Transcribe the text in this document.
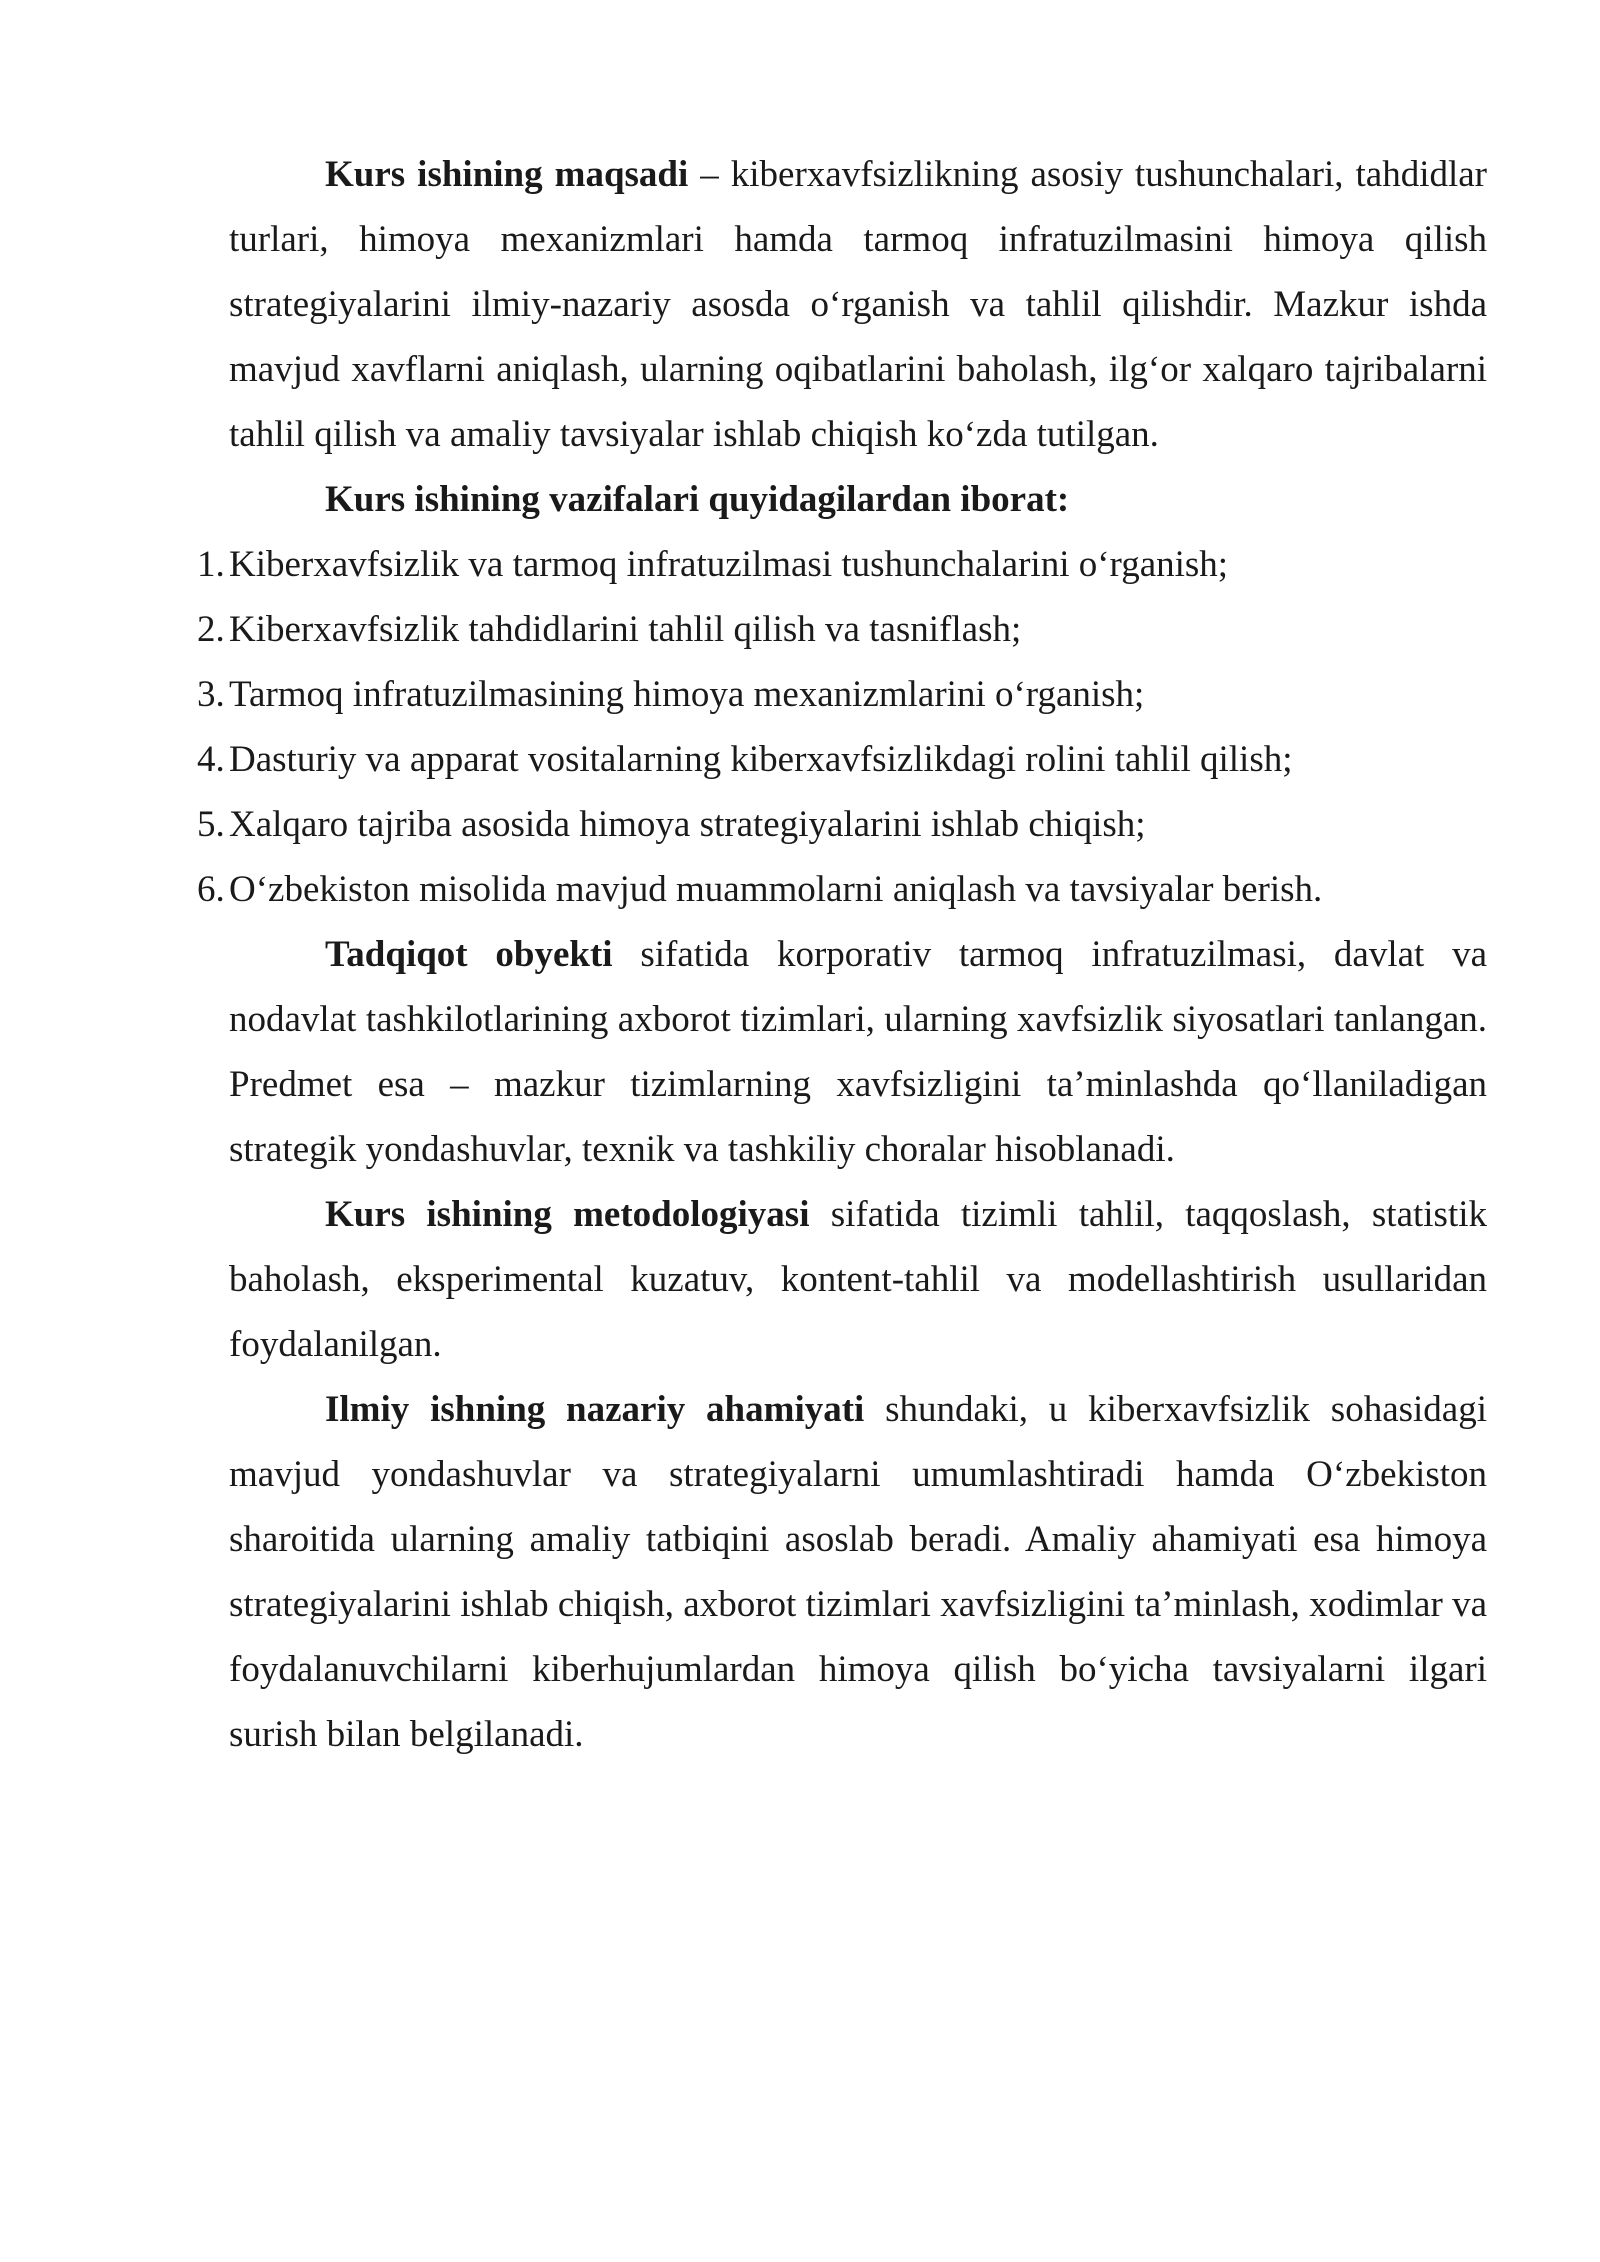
Kurs ishining maqsadi – kiberxavfsizlikning asosiy tushunchalari, tahdidlar turlari, himoya mexanizmlari hamda tarmoq infratuzilmasini himoya qilish strategiyalarini ilmiy-nazariy asosda o‘rganish va tahlil qilishdir. Mazkur ishda mavjud xavflarni aniqlash, ularning oqibatlarini baholash, ilg‘or xalqaro tajribalarni tahlil qilish va amaliy tavsiyalar ishlab chiqish ko‘zda tutilgan.

Kurs ishining vazifalari quyidagilardan iborat:

1. Kiberxavfsizlik va tarmoq infratuzilmasi tushunchalarini o‘rganish;
2. Kiberxavfsizlik tahdidlarini tahlil qilish va tasniflash;
3. Tarmoq infratuzilmasining himoya mexanizmlarini o‘rganish;
4. Dasturiy va apparat vositalarning kiberxavfsizlikdagi rolini tahlil qilish;
5. Xalqaro tajriba asosida himoya strategiyalarini ishlab chiqish;
6. O‘zbekiston misolida mavjud muammolarni aniqlash va tavsiyalar berish.

Tadqiqot obyekti sifatida korporativ tarmoq infratuzilmasi, davlat va nodavlat tashkilotlarining axborot tizimlari, ularning xavfsizlik siyosatlari tanlangan. Predmet esa – mazkur tizimlarning xavfsizligini ta’minlashda qo‘llaniladigan strategik yondashuvlar, texnik va tashkiliy choralar hisoblanadi.

Kurs ishining metodologiyasi sifatida tizimli tahlil, taqqoslash, statistik baholash, eksperimental kuzatuv, kontent-tahlil va modellashtirish usullaridan foydalanilgan.

Ilmiy ishning nazariy ahamiyati shundaki, u kiberxavfsizlik sohasidagi mavjud yondashuvlar va strategiyalarni umumlashtiradi hamda O‘zbekiston sharoitida ularning amaliy tatbiqini asoslab beradi. Amaliy ahamiyati esa himoya strategiyalarini ishlab chiqish, axborot tizimlari xavfsizligini ta’minlash, xodimlar va foydalanuvchilarni kiberhujumlardan himoya qilish bo‘yicha tavsiyalarni ilgari surish bilan belgilanadi.
